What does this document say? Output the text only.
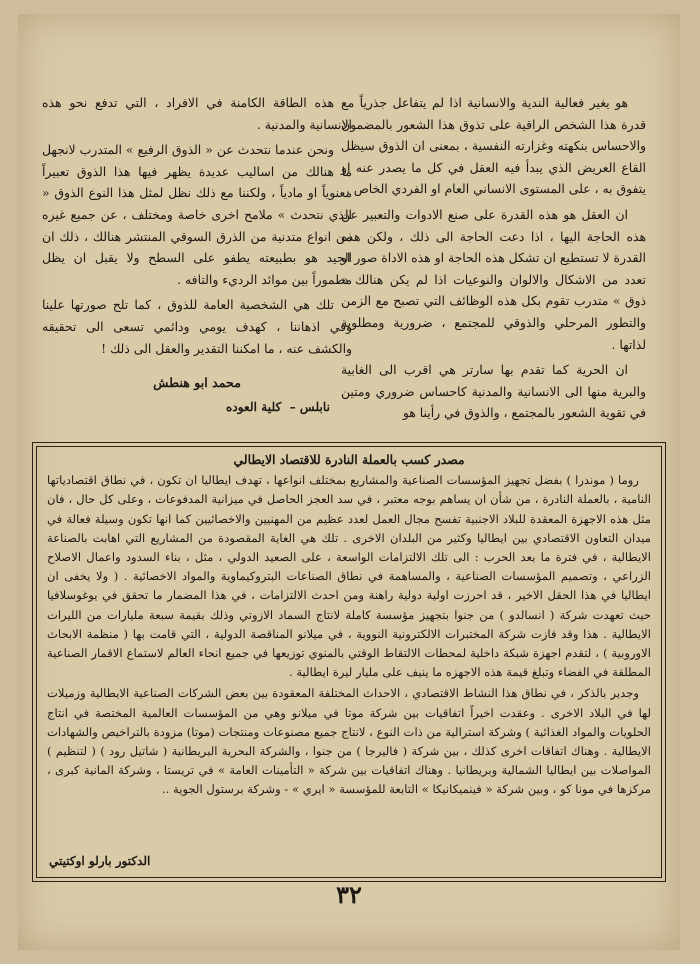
هو يغير فعالية الندية والانسانية اذا لم يتفاعل جذرياً مع قدرة هذا الشخص الراقية على تذوق هذا الشعور بالمضمون والاحساس بنكهته وغزارته النفسية ، بمعنى ان الذوق سيظل القاع العريض الذي يبدأ فيه العقل في كل ما يصدر عنه او يتفوق به ، على المستوى الانساني العام او الفردي الخاص .

ان العقل هو هذه القدرة على صنع الادوات والتعبير عن هذه الحاجة اليها ، اذا دعت الحاجة الى ذلك ، ولكن هذه القدرة لا تستطيع ان تشكل هذه الحاجة او هذه الاداة صور او تعدد من الاشكال والالوان والنوعيات اذا لم يكن هنالك « ذوق » متدرب تقوم بكل هذه الوظائف التي تصبح مع الزمن والتطور المرحلي والذوقي للمجتمع ، ضرورية ومطلوبة لذاتها .

ان الحرية كما تقدم بها سارتر هي اقرب الى الغابية والبرية منها الى الانسانية والمدنية كاحساس ضروري ومتين في تقوية الشعور بالمجتمع ، والذوق في رأينا هو

هذه الطاقة الكامنة في الافراد ، التي تدفع نحو هذه الانسانية والمدنية .

ونحن عندما نتحدث عن « الذوق الرفيع » المتدرب لانجهل ما هنالك من اساليب عديدة يظهر فيها هذا الذوق تعبيراً معنوياً او مادياً ، ولكننا مع ذلك نظل لمثل هذا النوع الذوق « الذي نتحدث » ملامح اخرى خاصة ومختلف ، عن جميع غيره من انواع متدنية من الذرق السوقي المنتشر هنالك ، ذلك ان الجيد هو بطبيعته يطفو على السطح ولا يقبل ان يظل مطموراً بين موائد الرديء والتافه .

تلك هي الشخصية العامة للذوق ، كما تلح صورتها علينا وفي اذهاننا ، كهدف يومي ودائمي تسعى الى تحقيقه والكشف عنه ، ما امكننا التقدير والعقل الى ذلك !

محمد ابو هنطش
نابلس – كلية العوده
مصدر كسب بالعملة النادرة للاقتصاد الايطالي

روما ( موندرا ) بفضل تجهيز المؤسسات الصناعية والمشاريع بمختلف انواعها ، تهدف ايطاليا ان تكون ، في نطاق اقتصادياتها النامية ، بالعملة النادرة ، من شأن ان يساهم بوجه معتبر ، في سد العجز الحاصل في ميزانية المدفوعات ، وعلى كل حال ، فان مثل هذه الاجهزة المعقدة للبلاد الاجنبية تفسح مجال العمل لعدد عظيم من المهنيين والاخصائيين كما انها تكون وسيلة فعالة في ميدان التعاون الاقتصادي بين ايطاليا وكثير من البلدان الاخرى . تلك هي الغاية المقصودة من المشاريع التي اهابت بالصناعة الايطالية ، في فترة ما بعد الحرب : الى تلك الالتزامات الواسعة ، على الصعيد الدولي ، مثل ، بناء السدود واعمال الاصلاح الزراعي ، وتصميم المؤسسات الصناعية ، والمساهمة في نطاق الصناعات البتروكيماوية والمواد الاخصائية . ( ولا يخفى ان ايطاليا في هذا الحقل الاخير ، قد احرزت اولية دولية راهنة ومن احدث الالتزامات ، في هذا المضمار ما تحقق في يوغوسلافيا حيث تعهدت شركة ( انسالدو ) من جنوا بتجهيز مؤسسة كاملة لانتاج السماد الازوتي وذلك بقيمة سبعة مليارات من الليرات الايطالية . هذا وقد فازت شركة المختبرات الالكترونية النووية ، في ميلانو المناقصة الدولية ، التي قامت بها ( منظمة الابحاث الاوروبية ) ، لتقدم اجهزة شبكة داخلية لمحطات الالتقاط الوقتي بالمنوي توزيعها في جميع انحاء العالم لاستماع الاقمار الصناعية المطلقة في الفضاء وتبلغ قيمة هذه الاجهزه ما ينيف على مليار ليرة ايطالية .

وجدير بالذكر ، في نطاق هذا النشاط الاقتصادي ، الاحداث المختلفة المعقودة بين بعض الشركات الصناعية الايطالية وزميلات لها في البلاد الاخرى . وعقدت اخيراً اتفاقيات بين شركة موتا في ميلانو وهي من المؤسسات العالمية المختصة في انتاج الحلويات والمواد الغذائية ) وشركة استرالية من ذات النوع ، لانتاج جميع مصنوعات ومنتجات (موتا) مزودة بالتراخيص والشهادات الايطالية . وهناك اتفاقات اخرى كذلك ، بين شركة ( فاليرجا ) من جنوا ، والشركة البحرية البريطانية ( شاتيل رود ) ( لتنظيم ) المواصلات بين ايطاليا الشمالية وبريطانيا . وهناك اتفاقيات بين شركة « التأمينات العامة » في تريستا ، وشركة المانية كبرى ، مركزها في مونا كو ، وبين شركة « فينميكانيكا » التابعة للمؤسسة « ايري » - وشركة برستول الجوية ..

الدكتور بارلو اوكتيتي
٣٢
